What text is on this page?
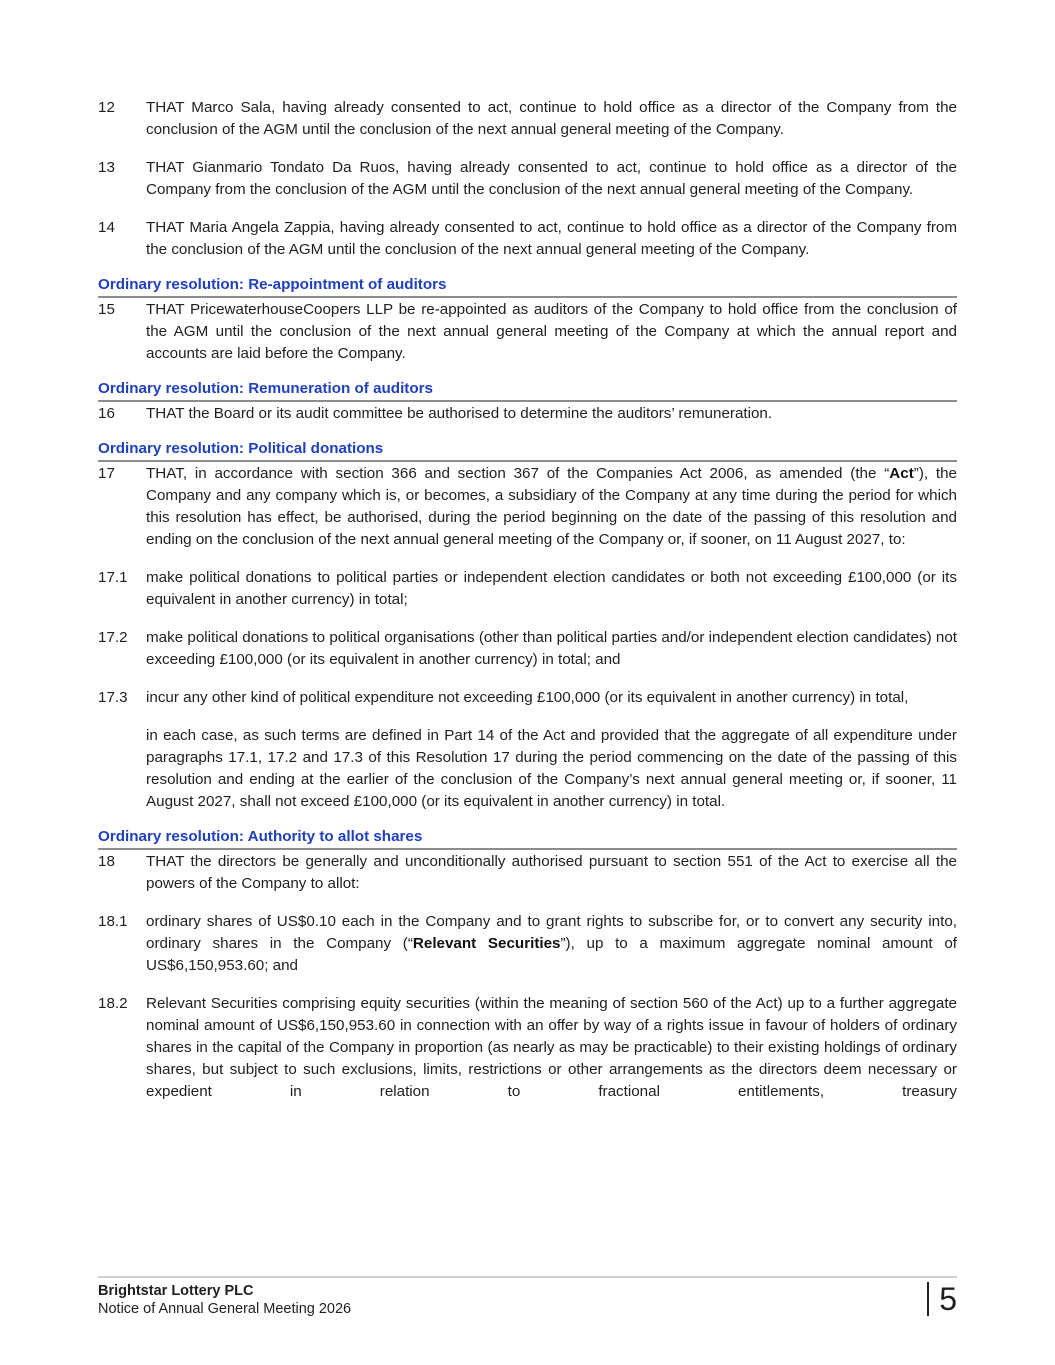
12	THAT Marco Sala, having already consented to act, continue to hold office as a director of the Company from the conclusion of the AGM until the conclusion of the next annual general meeting of the Company.
13	THAT Gianmario Tondato Da Ruos, having already consented to act, continue to hold office as a director of the Company from the conclusion of the AGM until the conclusion of the next annual general meeting of the Company.
14	THAT Maria Angela Zappia, having already consented to act, continue to hold office as a director of the Company from the conclusion of the AGM until the conclusion of the next annual general meeting of the Company.
Ordinary resolution: Re-appointment of auditors
15	THAT PricewaterhouseCoopers LLP be re-appointed as auditors of the Company to hold office from the conclusion of the AGM until the conclusion of the next annual general meeting of the Company at which the annual report and accounts are laid before the Company.
Ordinary resolution: Remuneration of auditors
16	THAT the Board or its audit committee be authorised to determine the auditors’ remuneration.
Ordinary resolution: Political donations
17	THAT, in accordance with section 366 and section 367 of the Companies Act 2006, as amended (the “Act”), the Company and any company which is, or becomes, a subsidiary of the Company at any time during the period for which this resolution has effect, be authorised, during the period beginning on the date of the passing of this resolution and ending on the conclusion of the next annual general meeting of the Company or, if sooner, on 11 August 2027, to:
17.1	make political donations to political parties or independent election candidates or both not exceeding £100,000 (or its equivalent in another currency) in total;
17.2	make political donations to political organisations (other than political parties and/or independent election candidates) not exceeding £100,000 (or its equivalent in another currency) in total; and
17.3	incur any other kind of political expenditure not exceeding £100,000 (or its equivalent in another currency) in total,
in each case, as such terms are defined in Part 14 of the Act and provided that the aggregate of all expenditure under paragraphs 17.1, 17.2 and 17.3 of this Resolution 17 during the period commencing on the date of the passing of this resolution and ending at the earlier of the conclusion of the Company’s next annual general meeting or, if sooner, 11 August 2027, shall not exceed £100,000 (or its equivalent in another currency) in total.
Ordinary resolution: Authority to allot shares
18	THAT the directors be generally and unconditionally authorised pursuant to section 551 of the Act to exercise all the powers of the Company to allot:
18.1	ordinary shares of US$0.10 each in the Company and to grant rights to subscribe for, or to convert any security into, ordinary shares in the Company (“Relevant Securities”), up to a maximum aggregate nominal amount of US$6,150,953.60; and
18.2	Relevant Securities comprising equity securities (within the meaning of section 560 of the Act) up to a further aggregate nominal amount of US$6,150,953.60 in connection with an offer by way of a rights issue in favour of holders of ordinary shares in the capital of the Company in proportion (as nearly as may be practicable) to their existing holdings of ordinary shares, but subject to such exclusions, limits, restrictions or other arrangements as the directors deem necessary or expedient in relation to fractional entitlements, treasury
Brightstar Lottery PLC
Notice of Annual General Meeting 2026	5
